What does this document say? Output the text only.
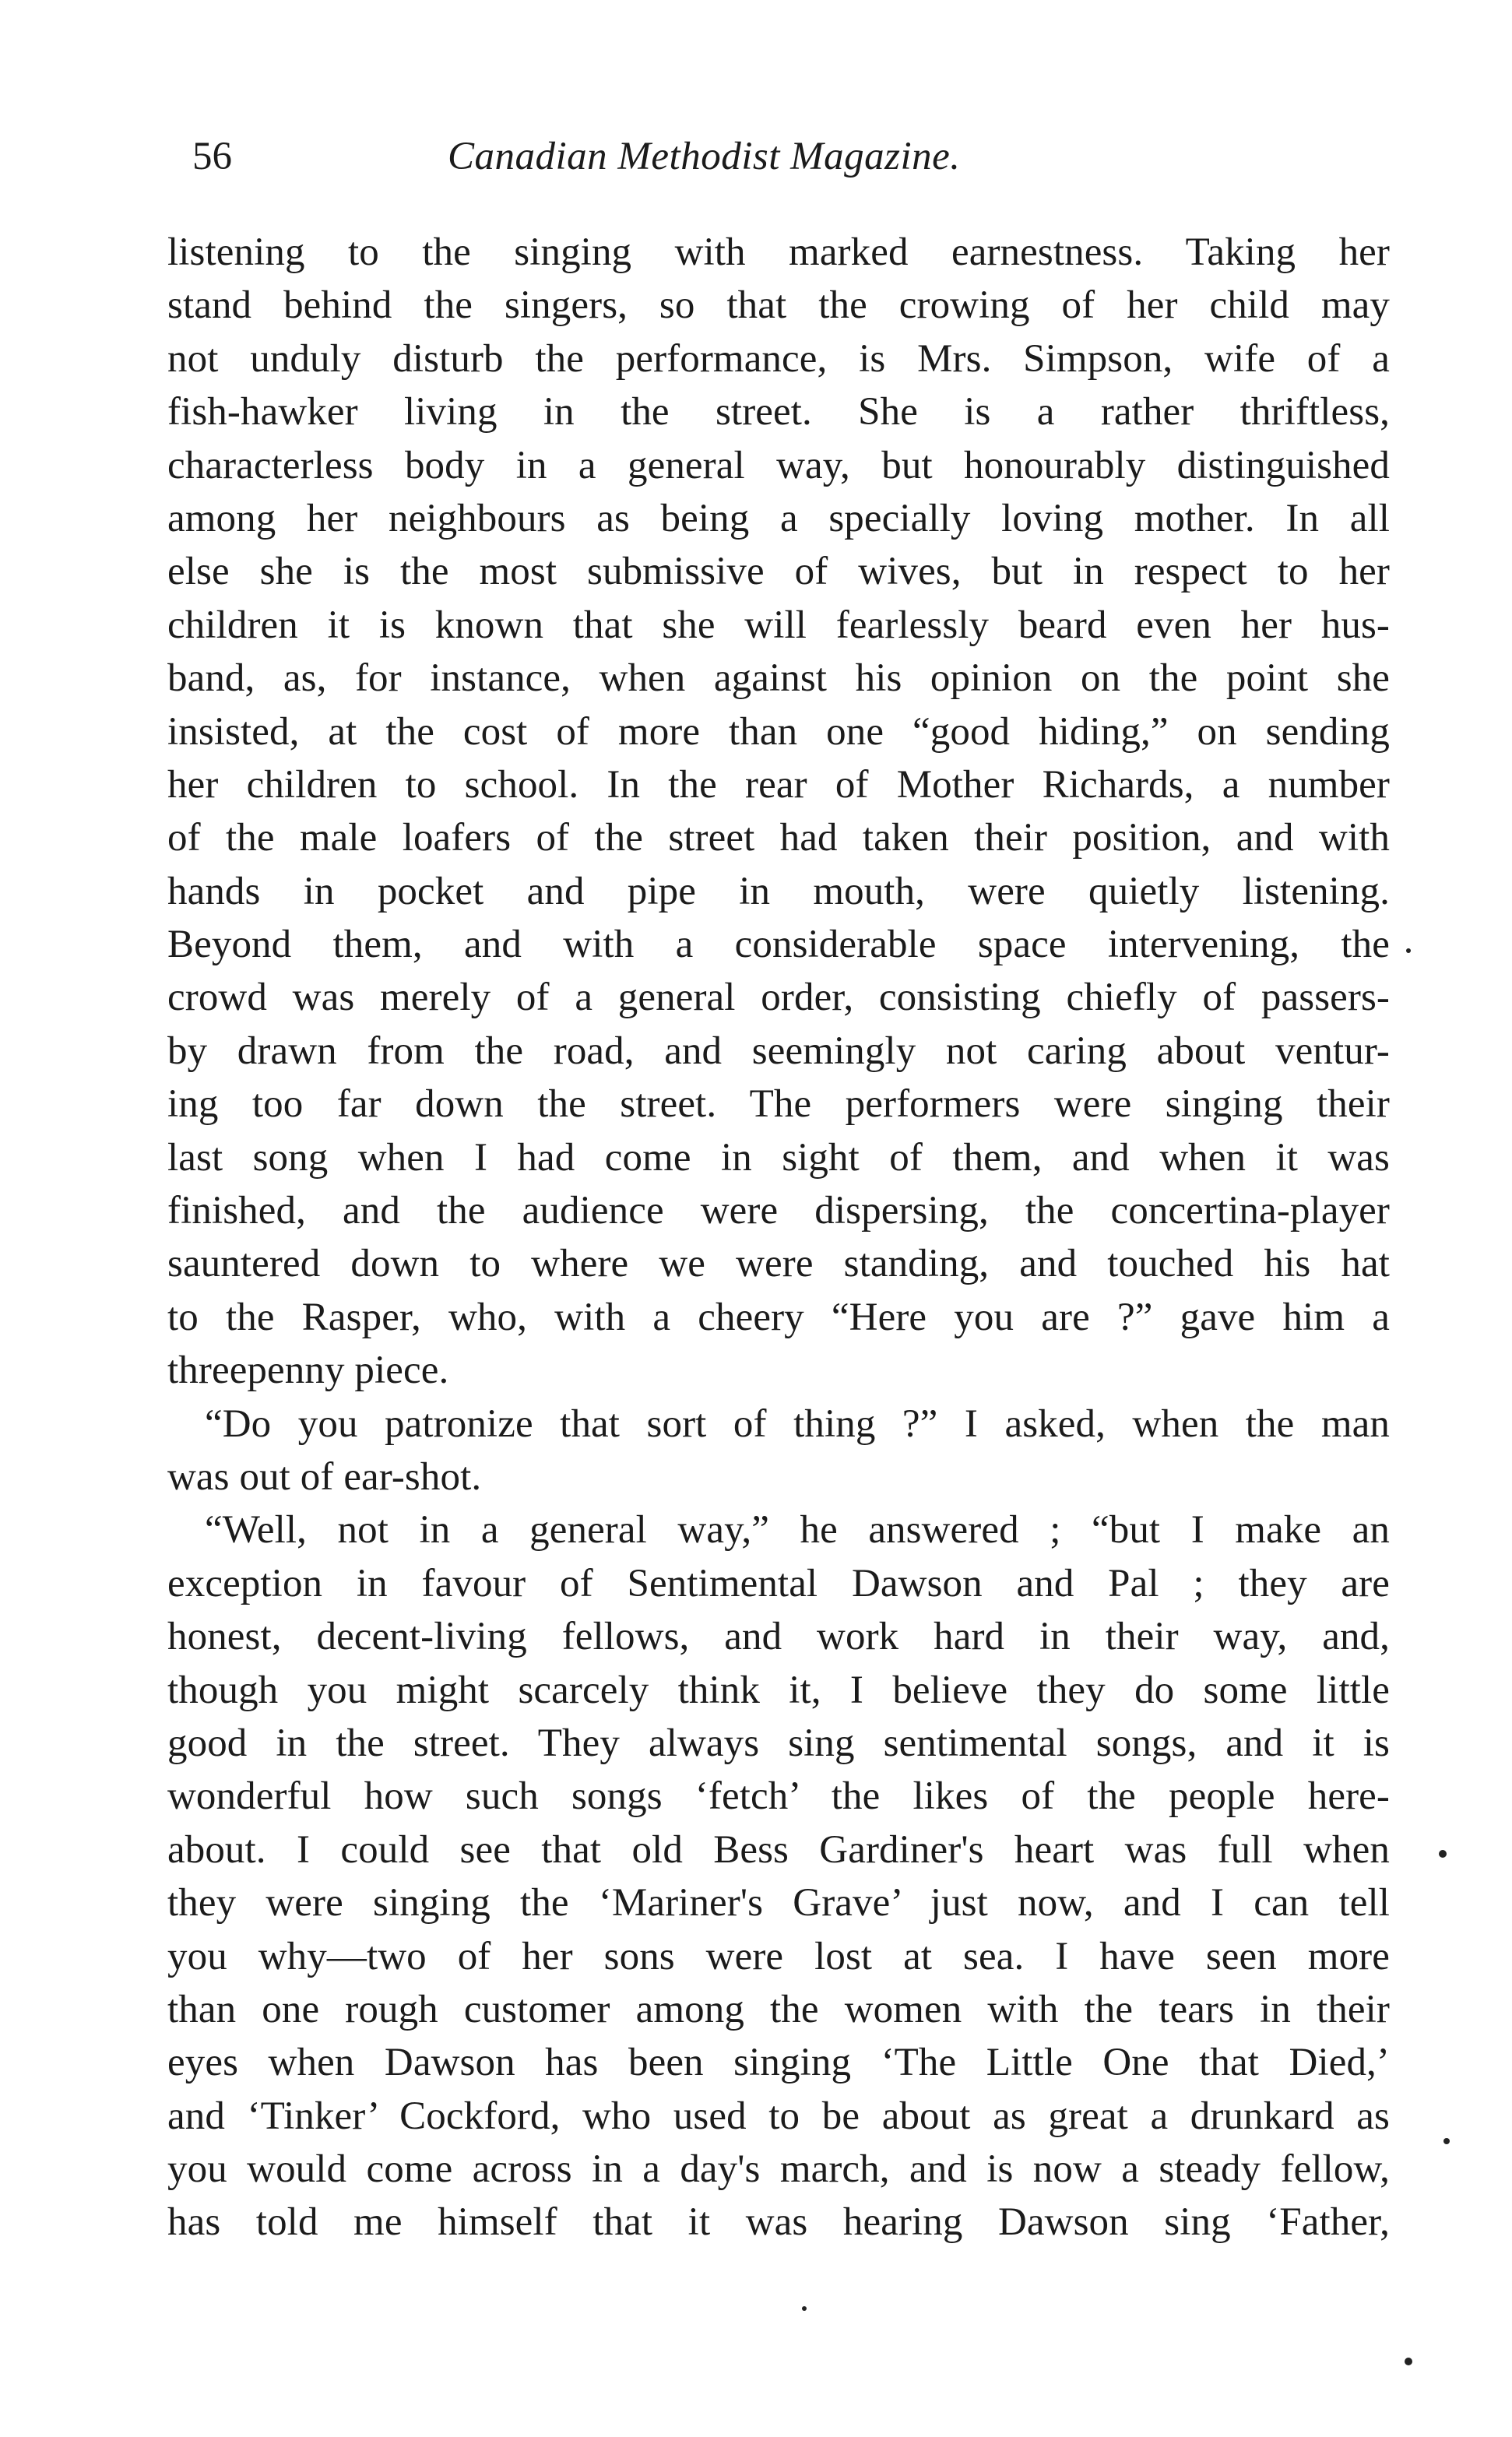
56	Canadian Methodist Magazine.
listening to the singing with marked earnestness. Taking her
stand behind the singers, so that the crowing of her child may
not unduly disturb the performance, is Mrs. Simpson, wife of a
fish-hawker living in the street. She is a rather thriftless,
characterless body in a general way, but honourably distinguished
among her neighbours as being a specially loving mother. In all
else she is the most submissive of wives, but in respect to her
children it is known that she will fearlessly beard even her hus-
band, as, for instance, when against his opinion on the point she
insisted, at the cost of more than one “good hiding,” on sending
her children to school. In the rear of Mother Richards, a number
of the male loafers of the street had taken their position, and with
hands in pocket and pipe in mouth, were quietly listening.
Beyond them, and with a considerable space intervening, the
crowd was merely of a general order, consisting chiefly of passers-
by drawn from the road, and seemingly not caring about ventur-
ing too far down the street. The performers were singing their
last song when I had come in sight of them, and when it was
finished, and the audience were dispersing, the concertina-player
sauntered down to where we were standing, and touched his hat
to the Rasper, who, with a cheery “Here you are ?” gave him a
threepenny piece.
“Do you patronize that sort of thing ?” I asked, when the man
was out of ear-shot.
“Well, not in a general way,” he answered ; “but I make an
exception in favour of Sentimental Dawson and Pal ; they are
honest, decent-living fellows, and work hard in their way, and,
though you might scarcely think it, I believe they do some little
good in the street. They always sing sentimental songs, and it is
wonderful how such songs ‘fetch’ the likes of the people here-
about. I could see that old Bess Gardiner's heart was full when
they were singing the ‘Mariner's Grave’ just now, and I can tell
you why—two of her sons were lost at sea. I have seen more
than one rough customer among the women with the tears in their
eyes when Dawson has been singing ‘The Little One that Died,’
and ‘Tinker’ Cockford, who used to be about as great a drunkard as
you would come across in a day's march, and is now a steady fellow,
has told me himself that it was hearing Dawson sing ‘Father,
